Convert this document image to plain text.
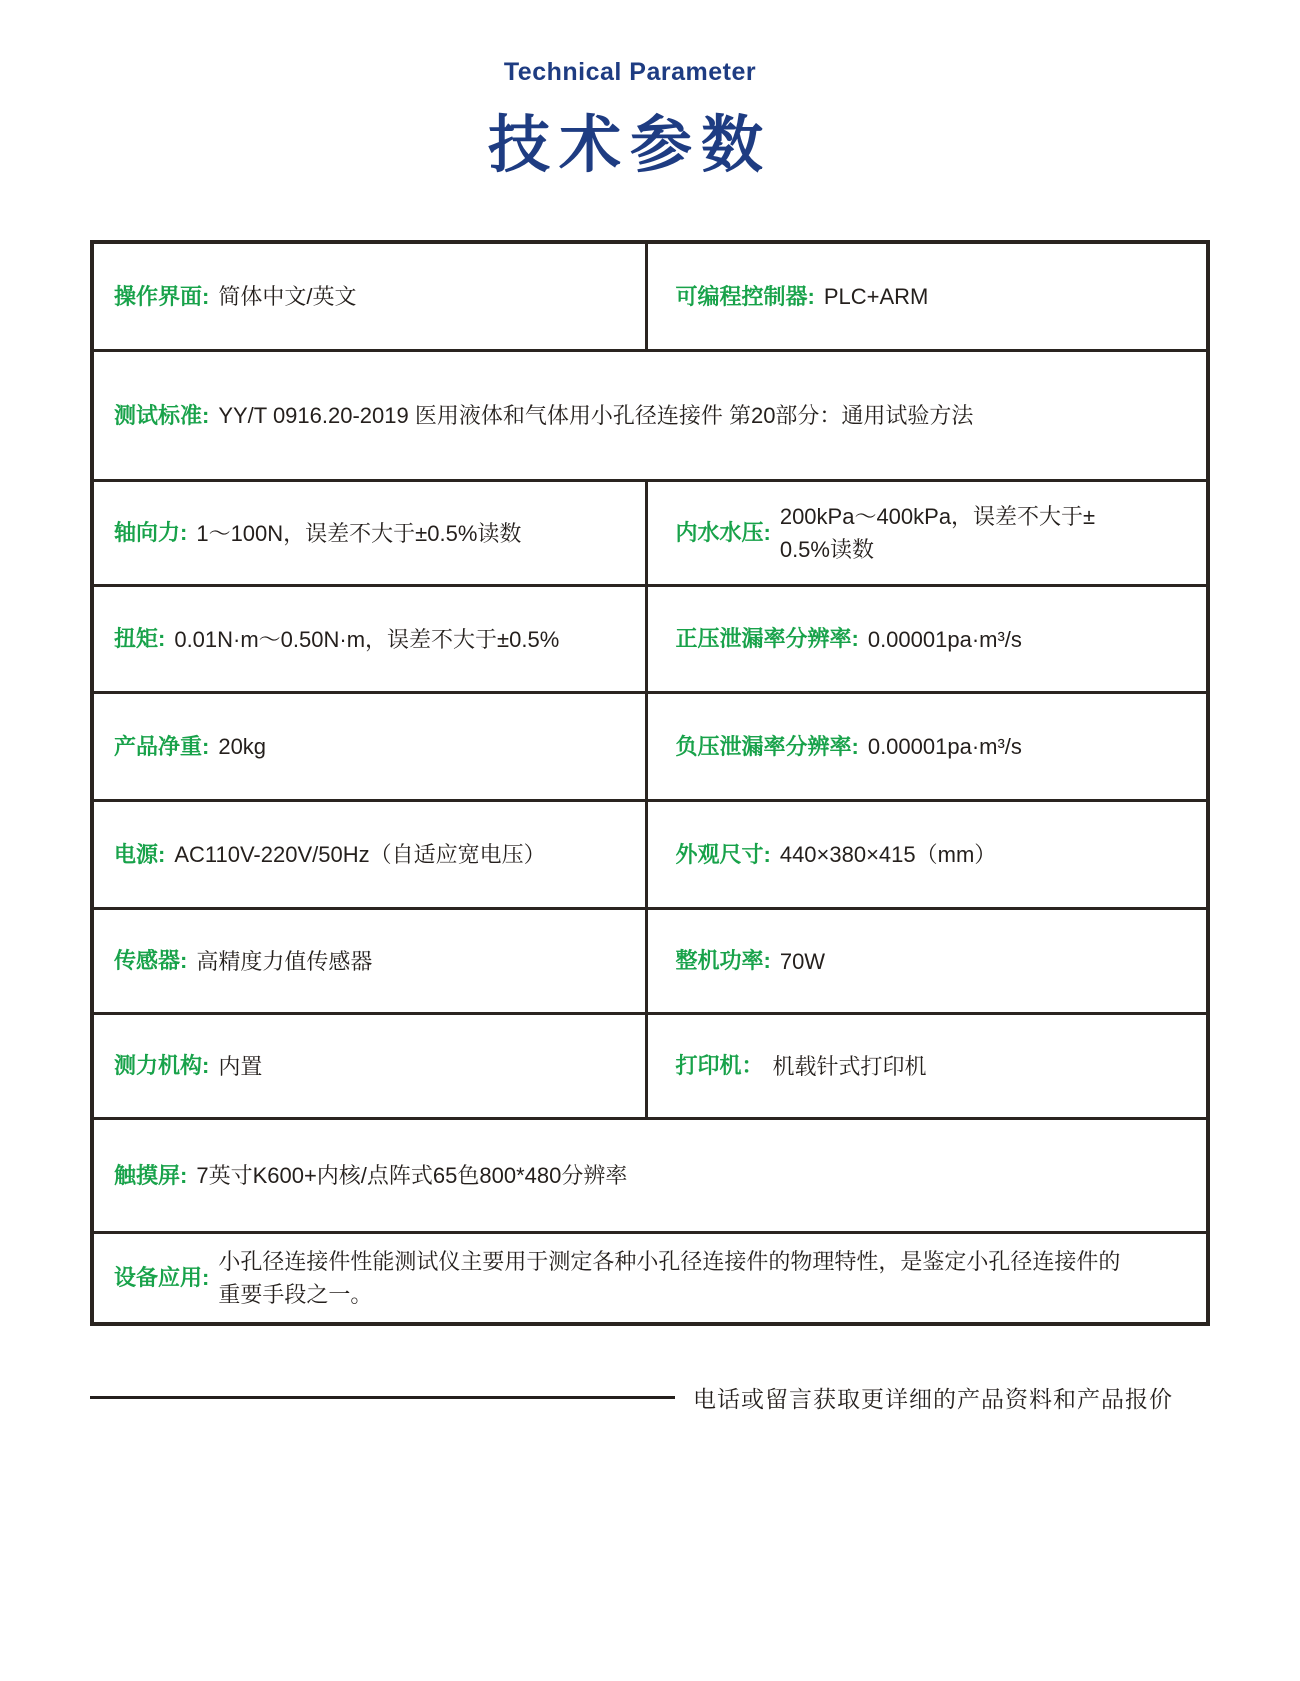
Technical Parameter
技术参数
操作界面: 简体中文/英文	可编程控制器: PLC+ARM
测试标准: YY/T 0916.20-2019 医用液体和气体用小孔径连接件 第20部分：通用试验方法
轴向力: 1～100N，误差不大于±0.5%读数	内水水压:
200kPa～400kPa，误差不大于±
0.5%读数
扭矩: 0.01N·m～0.50N·m，误差不大于±0.5%	正压泄漏率分辨率: 0.00001pa·m³/s
产品净重: 20kg	负压泄漏率分辨率: 0.00001pa·m³/s
电源: AC110V-220V/50Hz（自适应宽电压）	外观尺寸: 440×380×415（mm）
传感器: 高精度力值传感器	整机功率: 70W
测力机构: 内置	打印机： 机载针式打印机
触摸屏: 7英寸K600+内核/点阵式65色800*480分辨率
设备应用:
小孔径连接件性能测试仪主要用于测定各种小孔径连接件的物理特性，是鉴定小孔径连接件的
重要手段之一。
电话或留言获取更详细的产品资料和产品报价
